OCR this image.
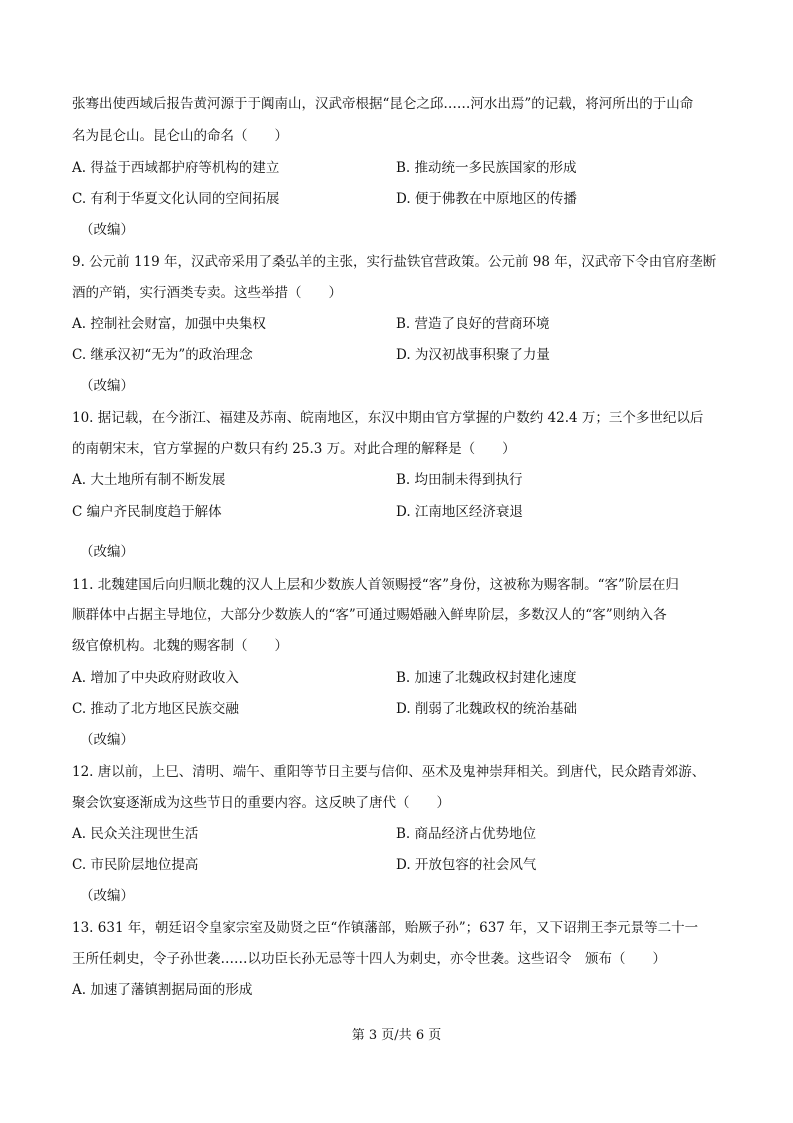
张骞出使西域后报告黄河源于于阗南山，汉武帝根据“昆仑之邱……河水出焉”的记载，将河所出的于山命
名为昆仑山。昆仑山的命名（　　）
A. 得益于西域都护府等机构的建立	B. 推动统一多民族国家的形成
C. 有利于华夏文化认同的空间拓展	D. 便于佛教在中原地区的传播
（改编）
9. 公元前 119 年，汉武帝采用了桑弘羊的主张，实行盐铁官营政策。公元前 98 年，汉武帝下令由官府垄断
酒的产销，实行酒类专卖。这些举措（　　）
A. 控制社会财富，加强中央集权	B. 营造了良好的营商环境
C. 继承汉初“无为”的政治理念	D. 为汉初战事积聚了力量
（改编）
10. 据记载，在今浙江、福建及苏南、皖南地区，东汉中期由官方掌握的户数约 42.4 万；三个多世纪以后
的南朝宋末，官方掌握的户数只有约 25.3 万。对此合理的解释是（　　）
A. 大土地所有制不断发展	B. 均田制未得到执行
C 编户齐民制度趋于解体	D. 江南地区经济衰退
（改编）
11. 北魏建国后向归顺北魏的汉人上层和少数族人首领赐授“客”身份，这被称为赐客制。“客”阶层在归
顺群体中占据主导地位，大部分少数族人的“客”可通过赐婚融入鲜卑阶层，多数汉人的“客”则纳入各
级官僚机构。北魏的赐客制（　　）
A. 增加了中央政府财政收入	B. 加速了北魏政权封建化速度
C. 推动了北方地区民族交融	D. 削弱了北魏政权的统治基础
（改编）
12. 唐以前，上巳、清明、端午、重阳等节日主要与信仰、巫术及鬼神崇拜相关。到唐代，民众踏青郊游、
聚会饮宴逐渐成为这些节日的重要内容。这反映了唐代（　　）
A. 民众关注现世生活	B. 商品经济占优势地位
C. 市民阶层地位提高	D. 开放包容的社会风气
（改编）
13. 631 年，朝廷诏令皇家宗室及勋贤之臣“作镇藩部，贻厥子孙”；637 年，又下诏荆王李元景等二十一
王所任刺史，令子孙世袭……以功臣长孙无忌等十四人为刺史，亦令世袭。这些诏令　颁布（　　）
A. 加速了藩镇割据局面的形成
第 3 页/共 6 页
